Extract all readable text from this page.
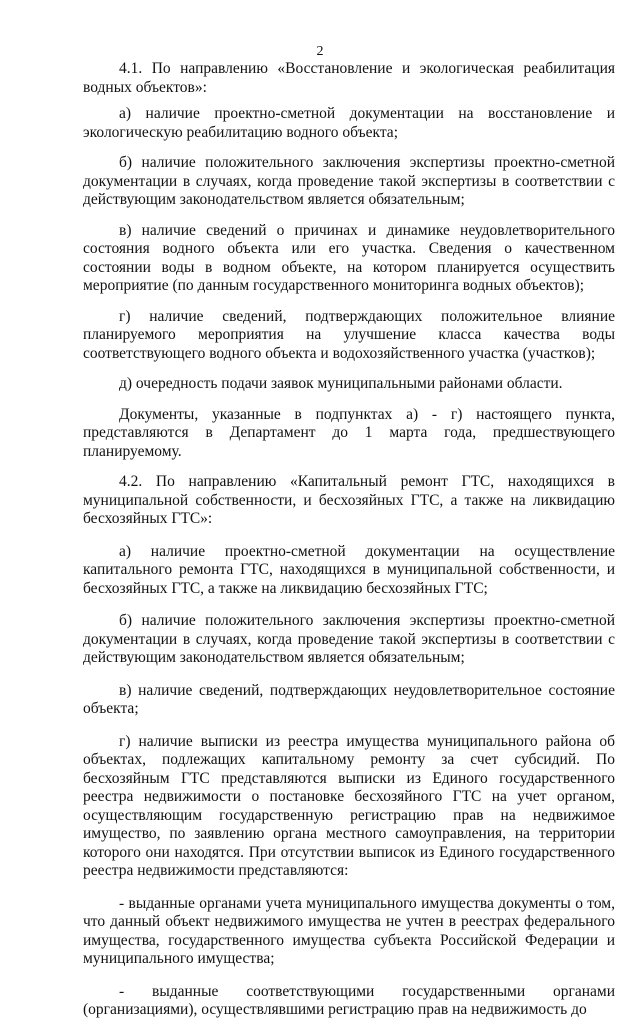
2

4.1. По направлению «Восстановление и экологическая реабилитация водных объектов»:

а) наличие проектно-сметной документации на восстановление и экологическую реабилитацию водного объекта;

б) наличие положительного заключения экспертизы проектно-сметной документации в случаях, когда проведение такой экспертизы в соответствии с действующим законодательством является обязательным;

в) наличие сведений о причинах и динамике неудовлетворительного состояния водного объекта или его участка. Сведения о качественном состоянии воды в водном объекте, на котором планируется осуществить мероприятие (по данным государственного мониторинга водных объектов);

г) наличие сведений, подтверждающих положительное влияние планируемого мероприятия на улучшение класса качества воды соответствующего водного объекта и водохозяйственного участка (участков);

д) очередность подачи заявок муниципальными районами области.

Документы, указанные в подпунктах а) - г) настоящего пункта, представляются в Департамент до 1 марта года, предшествующего планируемому.

4.2. По направлению «Капитальный ремонт ГТС, находящихся в муниципальной собственности, и бесхозяйных ГТС, а также на ликвидацию бесхозяйных ГТС»:

а) наличие проектно-сметной документации на осуществление капитального ремонта ГТС, находящихся в муниципальной собственности, и бесхозяйных ГТС, а также на ликвидацию бесхозяйных ГТС;

б) наличие положительного заключения экспертизы проектно-сметной документации в случаях, когда проведение такой экспертизы в соответствии с действующим законодательством является обязательным;

в) наличие сведений, подтверждающих неудовлетворительное состояние объекта;

г) наличие выписки из реестра имущества муниципального района об объектах, подлежащих капитальному ремонту за счет субсидий. По бесхозяйным ГТС представляются выписки из Единого государственного реестра недвижимости о постановке бесхозяйного ГТС на учет органом, осуществляющим государственную регистрацию прав на недвижимое имущество, по заявлению органа местного самоуправления, на территории которого они находятся. При отсутствии выписок из Единого государственного реестра недвижимости представляются:

- выданные органами учета муниципального имущества документы о том, что данный объект недвижимого имущества не учтен в реестрах федерального имущества, государственного имущества субъекта Российской Федерации и муниципального имущества;

- выданные соответствующими государственными органами (организациями), осуществлявшими регистрацию прав на недвижимость до
